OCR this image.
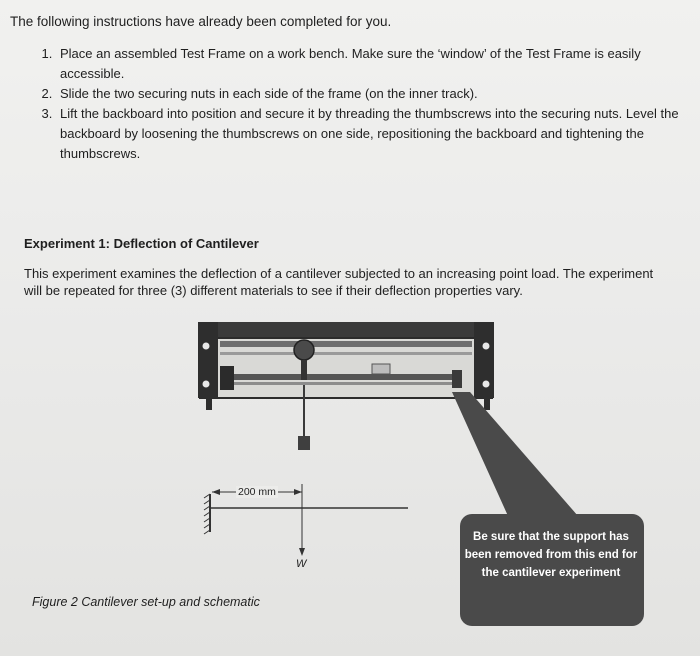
The following instructions have already been completed for you.
1. Place an assembled Test Frame on a work bench. Make sure the ‘window’ of the Test Frame is easily accessible.
2. Slide the two securing nuts in each side of the frame (on the inner track).
3. Lift the backboard into position and secure it by threading the thumbscrews into the securing nuts. Level the backboard by loosening the thumbscrews on one side, repositioning the backboard and tightening the thumbscrews.
Experiment 1: Deflection of Cantilever
This experiment examines the deflection of a cantilever subjected to an increasing point load. The experiment will be repeated for three (3) different materials to see if their deflection properties vary.
200 mm
W
Be sure that the support has been removed from this end for the cantilever experiment
Figure 2 Cantilever set-up and schematic
